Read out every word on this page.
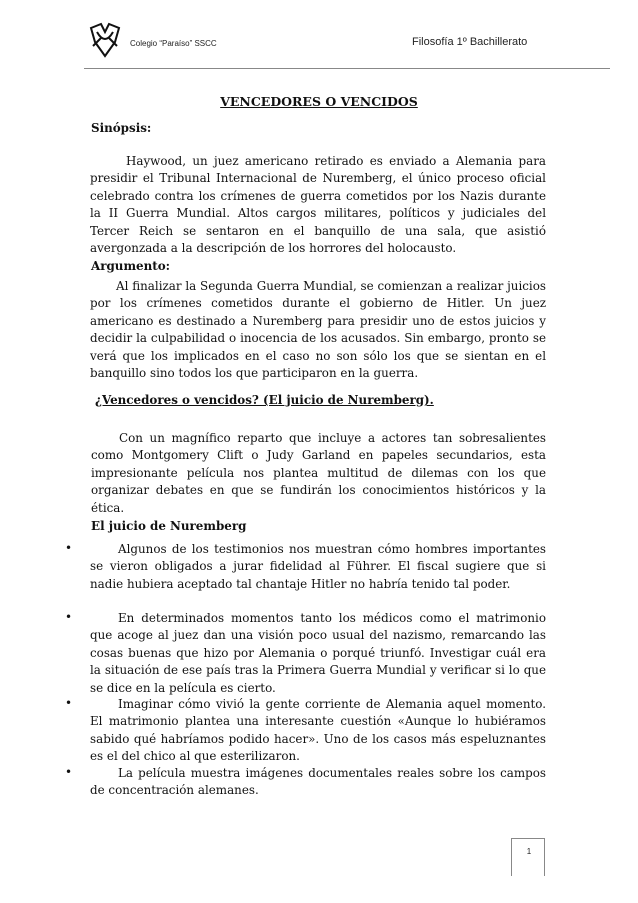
Colegio “Paraíso” SSCC	Filosofía 1º Bachillerato
VENCEDORES O VENCIDOS
Sinópsis:

Haywood, un juez americano retirado es enviado a Alemania para presidir el Tribunal Internacional de Nuremberg, el único proceso oficial celebrado contra los crímenes de guerra cometidos por los Nazis durante la II Guerra Mundial. Altos cargos militares, políticos y judiciales del Tercer Reich se sentaron en el banquillo de una sala, que asistió avergonzada a la descripción de los horrores del holocausto.

Argumento:

Al finalizar la Segunda Guerra Mundial, se comienzan a realizar juicios por los crímenes cometidos durante el gobierno de Hitler. Un juez americano es destinado a Nuremberg para presidir uno de estos juicios y decidir la culpabilidad o inocencia de los acusados. Sin embargo, pronto se verá que los implicados en el caso no son sólo los que se sientan en el banquillo sino todos los que participaron en la guerra.

¿Vencedores o vencidos? (El juicio de Nuremberg).

Con un magnífico reparto que incluye a actores tan sobresalientes como Montgomery Clift o Judy Garland en papeles secundarios, esta impresionante película nos plantea multitud de dilemas con los que organizar debates en que se fundirán los conocimientos históricos y la ética.

El juicio de Nuremberg
•	Algunos de los testimonios nos muestran cómo hombres importantes se vieron obligados a jurar fidelidad al Führer. El fiscal sugiere que si nadie hubiera aceptado tal chantaje Hitler no habría tenido tal poder.

•	En determinados momentos tanto los médicos como el matrimonio que acoge al juez dan una visión poco usual del nazismo, remarcando las cosas buenas que hizo por Alemania o porqué triunfó. Investigar cuál era la situación de ese país tras la Primera Guerra Mundial y verificar si lo que se dice en la película es cierto.

•	Imaginar cómo vivió la gente corriente de Alemania aquel momento. El matrimonio plantea una interesante cuestión «Aunque lo hubiéramos sabido qué habríamos podido hacer». Uno de los casos más espeluznantes es el del chico al que esterilizaron.

•	La película muestra imágenes documentales reales sobre los campos de concentración alemanes.

1
